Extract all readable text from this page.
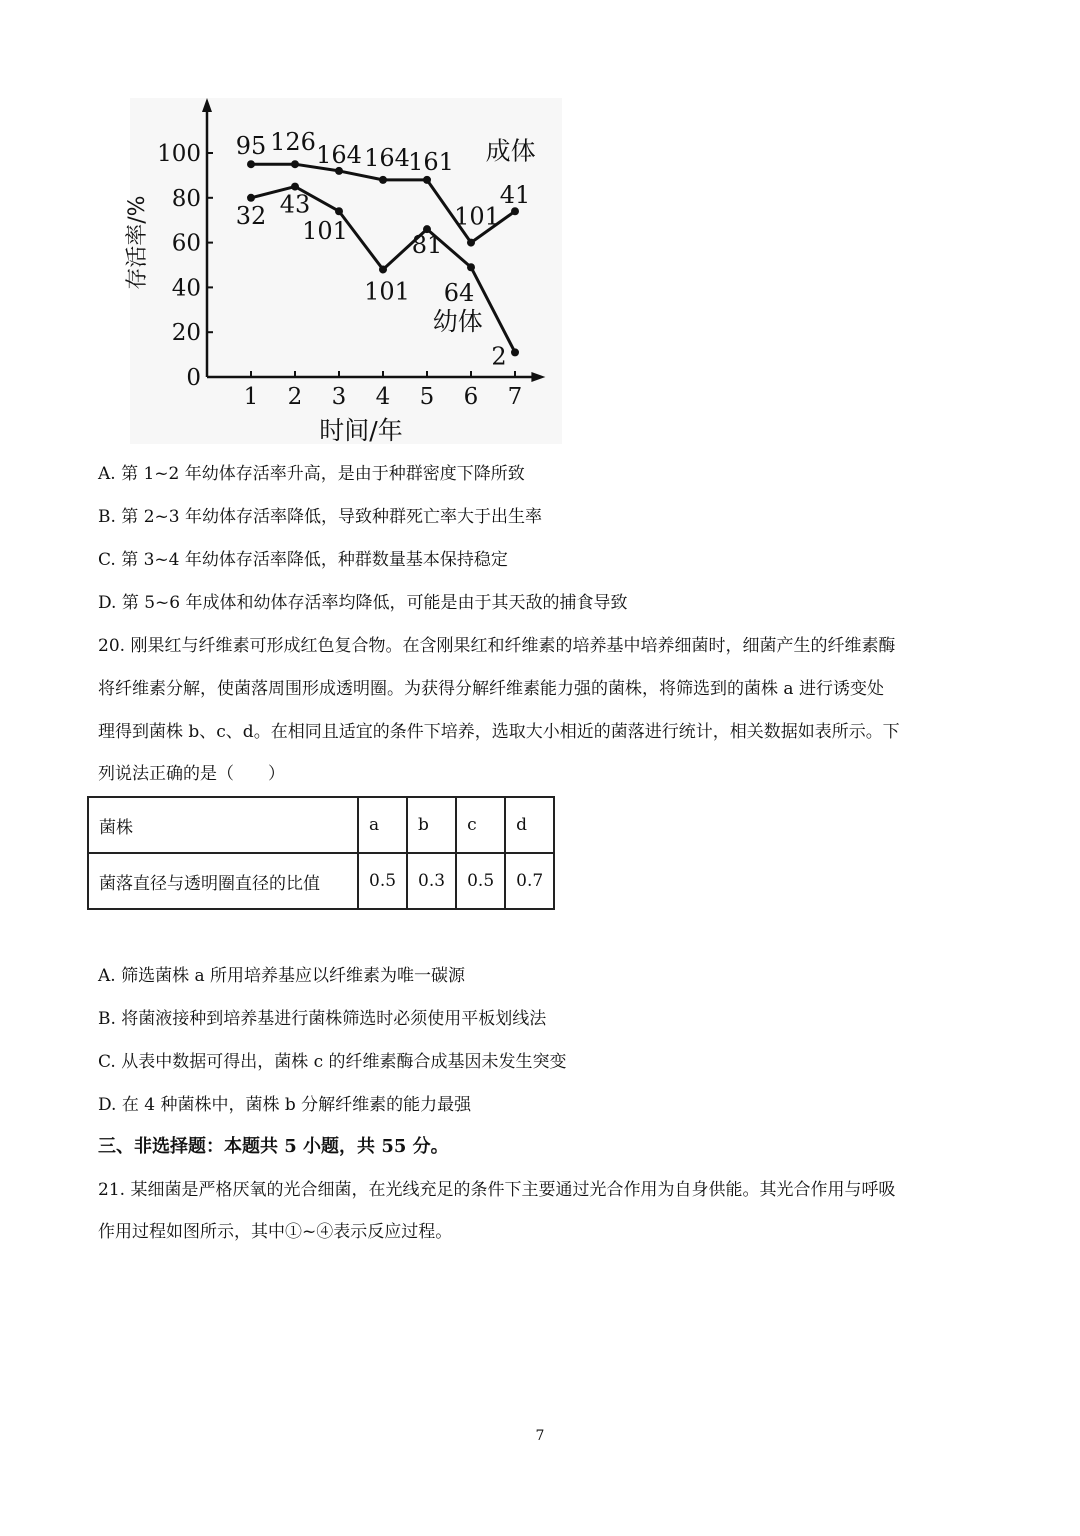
0
20
40
60
80
100
1 2 3 4 5 6 7
时间/年
存活率/%
95 126 164 164
161
101
41
32 43
101
101
81
64
2
成体
幼体
A. 第 1~2 年幼体存活率升高，是由于种群密度下降所致
B. 第 2~3 年幼体存活率降低，导致种群死亡率大于出生率
C. 第 3~4 年幼体存活率降低，种群数量基本保持稳定
D. 第 5~6 年成体和幼体存活率均降低，可能是由于其天敌的捕食导致
20. 刚果红与纤维素可形成红色复合物。在含刚果红和纤维素的培养基中培养细菌时，细菌产生的纤维素酶
将纤维素分解，使菌落周围形成透明圈。为获得分解纤维素能力强的菌株，将筛选到的菌株 a 进行诱变处
理得到菌株 b、c、d。在相同且适宜的条件下培养，选取大小相近的菌落进行统计，相关数据如表所示。下
列说法正确的是（　　）
菌株	a	b	c	d
菌落直径与透明圈直径的比值	0.5	0.3	0.5	0.7
A. 筛选菌株 a 所用培养基应以纤维素为唯一碳源
B. 将菌液接种到培养基进行菌株筛选时必须使用平板划线法
C. 从表中数据可得出，菌株 c 的纤维素酶合成基因未发生突变
D. 在 4 种菌株中，菌株 b 分解纤维素的能力最强
三、非选择题：本题共 5 小题，共 55 分。
21. 某细菌是严格厌氧的光合细菌，在光线充足的条件下主要通过光合作用为自身供能。其光合作用与呼吸
作用过程如图所示，其中①~④表示反应过程。
7
